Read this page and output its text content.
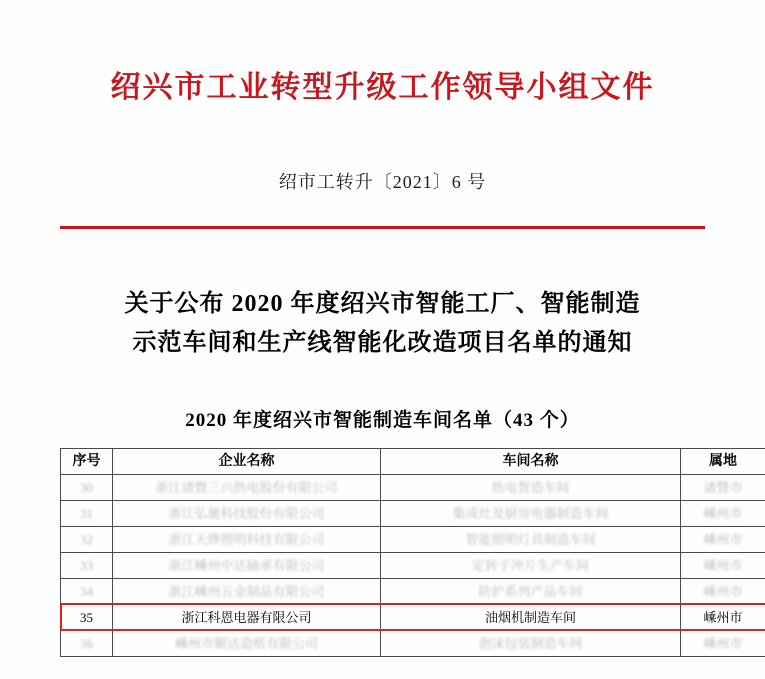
绍兴市工业转型升级工作领导小组文件
绍市工转升〔2021〕6 号
关于公布 2020 年度绍兴市智能工厂、智能制造
示范车间和生产线智能化改造项目名单的通知
2020 年度绍兴市智能制造车间名单（43 个）
序号	企业名称	车间名称	属地
30	浙江诸暨三兴热电股份有限公司	热电智造车间	诸暨市
31	浙江弘驰科技股份有限公司	集成灶及厨房电器制造车间	嵊州市
32	浙江天烨照明科技有限公司	智能照明灯具制造车间	嵊州市
33	浙江嵊州中达轴承有限公司	定转子冲片生产车间	嵊州市
34	浙江嵊州五金制品有限公司	防护系列产品车间	嵊州市
35	浙江科恩电器有限公司	油烟机制造车间	嵊州市
36	嵊州市顺达造纸有限公司	泡沫包装制造车间	嵊州市
